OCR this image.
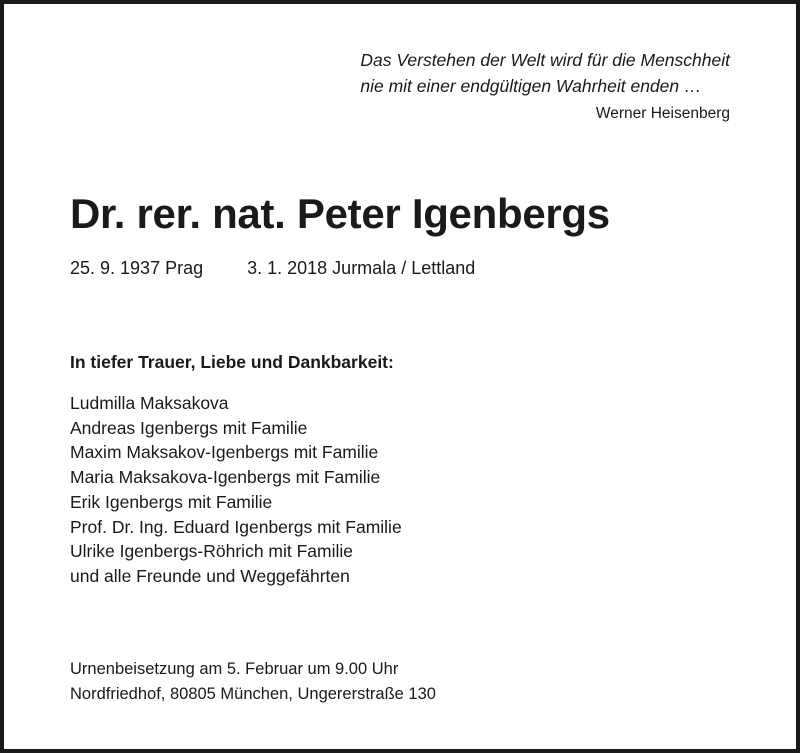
Das Verstehen der Welt wird für die Menschheit
nie mit einer endgültigen Wahrheit enden …
Werner Heisenberg
Dr. rer. nat. Peter Igenbergs
25. 9. 1937 Prag 3. 1. 2018 Jurmala / Lettland
In tiefer Trauer, Liebe und Dankbarkeit:
Ludmilla Maksakova
Andreas Igenbergs mit Familie
Maxim Maksakov-Igenbergs mit Familie
Maria Maksakova-Igenbergs mit Familie
Erik Igenbergs mit Familie
Prof. Dr. Ing. Eduard Igenbergs mit Familie
Ulrike Igenbergs-Röhrich mit Familie
und alle Freunde und Weggefährten
Urnenbeisetzung am 5. Februar um 9.00 Uhr
Nordfriedhof, 80805 München, Ungererstraße 130
